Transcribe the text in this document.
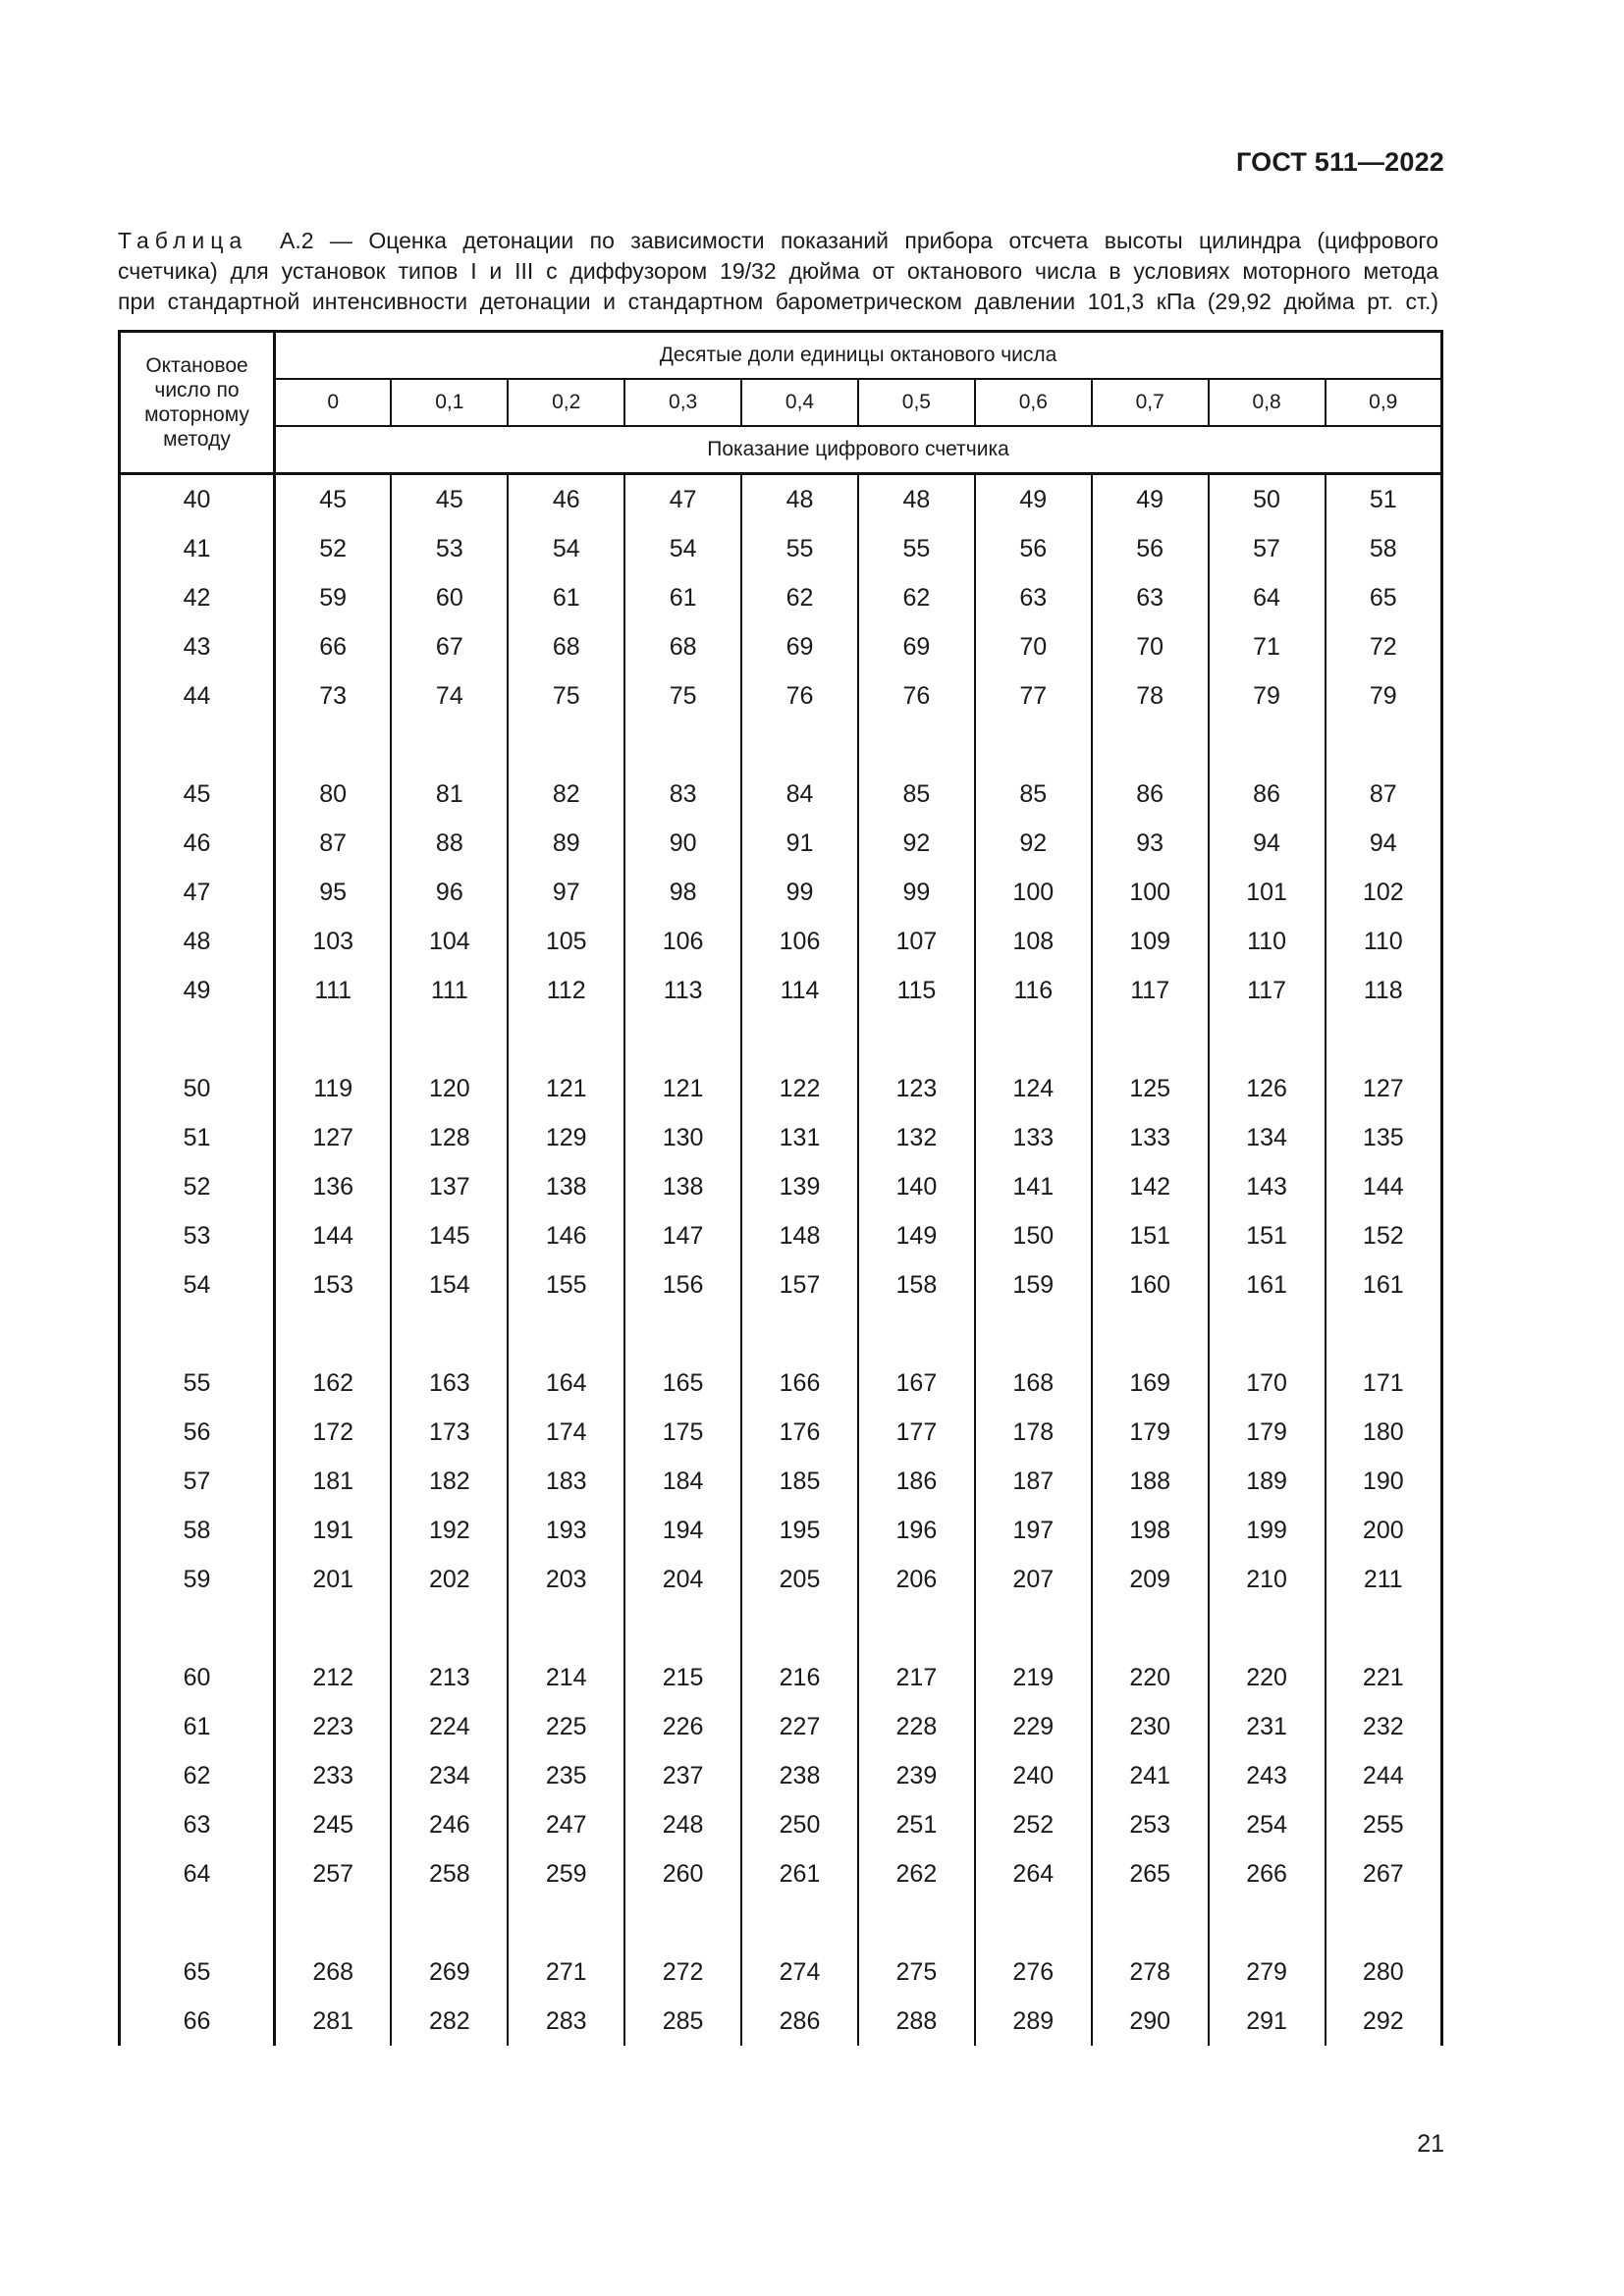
ГОСТ 511—2022
Таблица А.2 — Оценка детонации по зависимости показаний прибора отсчета высоты цилиндра (цифрового
счетчика) для установок типов I и III с диффузором 19/32 дюйма от октанового числа в условиях моторного метода
при стандартной интенсивности детонации и стандартном барометрическом давлении 101,3 кПа (29,92 дюйма рт. ст.)
Октановое число по моторному методу	Десятые доли единицы октанового числа									
	0	0,1	0,2	0,3	0,4	0,5	0,6	0,7	0,8	0,9
	Показание цифрового счетчика									
40	45	45	46	47	48	48	49	49	50	51
41	52	53	54	54	55	55	56	56	57	58
42	59	60	61	61	62	62	63	63	64	65
43	66	67	68	68	69	69	70	70	71	72
44	73	74	75	75	76	76	77	78	79	79

45	80	81	82	83	84	85	85	86	86	87
46	87	88	89	90	91	92	92	93	94	94
47	95	96	97	98	99	99	100	100	101	102
48	103	104	105	106	106	107	108	109	110	110
49	111	111	112	113	114	115	116	117	117	118

50	119	120	121	121	122	123	124	125	126	127
51	127	128	129	130	131	132	133	133	134	135
52	136	137	138	138	139	140	141	142	143	144
53	144	145	146	147	148	149	150	151	151	152
54	153	154	155	156	157	158	159	160	161	161

55	162	163	164	165	166	167	168	169	170	171
56	172	173	174	175	176	177	178	179	179	180
57	181	182	183	184	185	186	187	188	189	190
58	191	192	193	194	195	196	197	198	199	200
59	201	202	203	204	205	206	207	209	210	211

60	212	213	214	215	216	217	219	220	220	221
61	223	224	225	226	227	228	229	230	231	232
62	233	234	235	237	238	239	240	241	243	244
63	245	246	247	248	250	251	252	253	254	255
64	257	258	259	260	261	262	264	265	266	267

65	268	269	271	272	274	275	276	278	279	280
66	281	282	283	285	286	288	289	290	291	292
21
